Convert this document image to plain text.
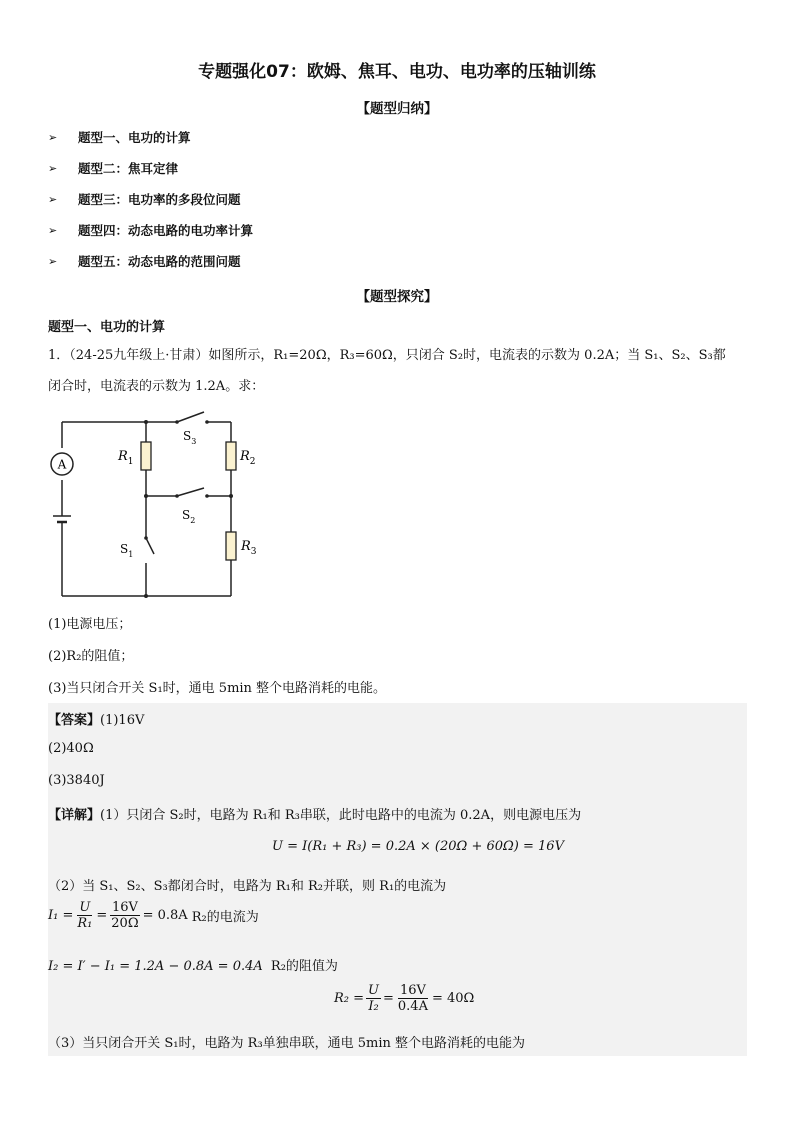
专题强化07：欧姆、焦耳、电功、电功率的压轴训练
【题型归纳】
➢	题型一、电功的计算
➢	题型二：焦耳定律
➢	题型三：电功率的多段位问题
➢	题型四：动态电路的电功率计算
➢	题型五：动态电路的范围问题
【题型探究】
题型一、电功的计算
1．（24-25九年级上·甘肃）如图所示，R₁=20Ω，R₃=60Ω，只闭合 S₂时，电流表的示数为 0.2A；当 S₁、S₂、S₃都
闭合时，电流表的示数为 1.2A。求：
A
$R_1$	$R_2$
$R_3$
$S_3$
$S_2$
$S_1$
(1)电源电压；
(2)R₂的阻值；
(3)当只闭合开关 S₁时，通电 5min 整个电路消耗的电能。
【答案】(1)16V
(2)40Ω
(3)3840J
【详解】(1）只闭合 S₂时，电路为 R₁和 R₃串联，此时电路中的电流为 0.2A，则电源电压为
U = I(R₁ + R₃) = 0.2A × (20Ω + 60Ω) = 16V
（2）当 S₁、S₂、S₃都闭合时，电路为 R₁和 R₂并联，则 R₁的电流为
$I_1 = \frac{U}{\text{R₁}} = \frac{16V}{20\Omega} = 0.8A$ R₂的电流为
I₂ = I′ − I₁ = 1.2A − 0.8A = 0.4A R₂的阻值为
$R_2 = \frac{U}{\text{I₂}} = \frac{16V}{0.4A} = 40\Omega$
（3）当只闭合开关 S₁时，电路为 R₃单独串联，通电 5min 整个电路消耗的电能为
